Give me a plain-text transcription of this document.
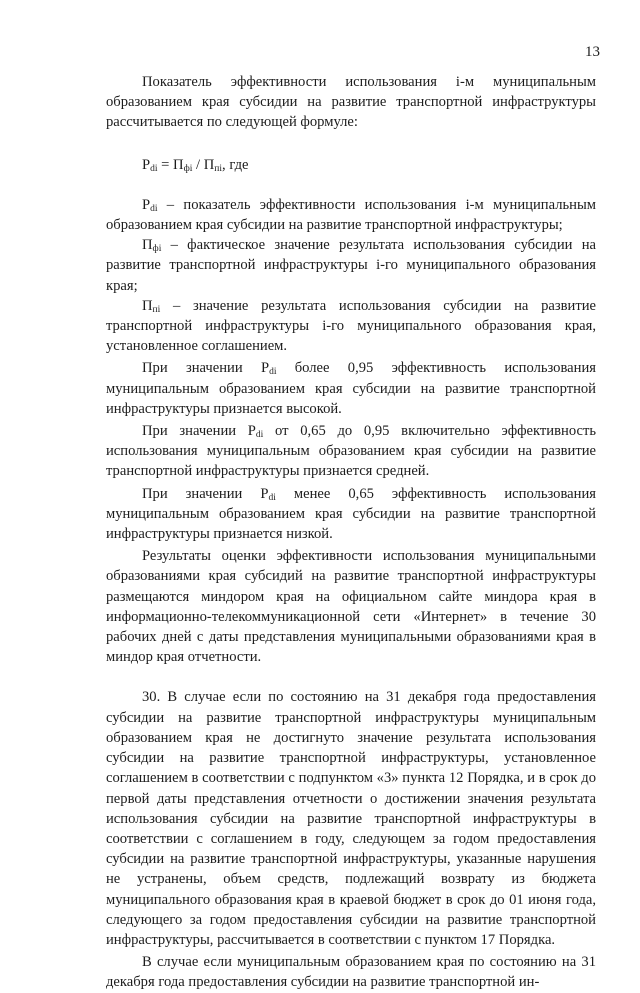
13

Показатель эффективности использования i-м муниципальным образованием края субсидии на развитие транспортной инфраструктуры рассчитывается по следующей формуле:

$P_{di} = П_{фi} / П_{пi}$, где

$P_{di}$ – показатель эффективности использования i-м муниципальным образованием края субсидии на развитие транспортной инфраструктуры;

$П_{фi}$ – фактическое значение результата использования субсидии на развитие транспортной инфраструктуры i-го муниципального образования края;

$П_{пi}$ – значение результата использования субсидии на развитие транспортной инфраструктуры i-го муниципального образования края, установленное соглашением.

При значении $P_{di}$ более 0,95 эффективность использования муниципальным образованием края субсидии на развитие транспортной инфраструктуры признается высокой.

При значении $P_{di}$ от 0,65 до 0,95 включительно эффективность использования муниципальным образованием края субсидии на развитие транспортной инфраструктуры признается средней.

При значении $P_{di}$ менее 0,65 эффективность использования муниципальным образованием края субсидии на развитие транспортной инфраструктуры признается низкой.

Результаты оценки эффективности использования муниципальными образованиями края субсидий на развитие транспортной инфраструктуры размещаются миндором края на официальном сайте миндора края в информационно-телекоммуникационной сети «Интернет» в течение 30 рабочих дней с даты представления муниципальными образованиями края в миндор края отчетности.

30. В случае если по состоянию на 31 декабря года предоставления субсидии на развитие транспортной инфраструктуры муниципальным образованием края не достигнуто значение результата использования субсидии на развитие транспортной инфраструктуры, установленное соглашением в соответствии с подпунктом «3» пункта 12 Порядка, и в срок до первой даты представления отчетности о достижении значения результата использования субсидии на развитие транспортной инфраструктуры в соответствии с соглашением в году, следующем за годом предоставления субсидии на развитие транспортной инфраструктуры, указанные нарушения не устранены, объем средств, подлежащий возврату из бюджета муниципального образования края в краевой бюджет в срок до 01 июня года, следующего за годом предоставления субсидии на развитие транспортной инфраструктуры, рассчитывается в соответствии с пунктом 17 Порядка.

В случае если муниципальным образованием края по состоянию на 31 декабря года предоставления субсидии на развитие транспортной ин-
